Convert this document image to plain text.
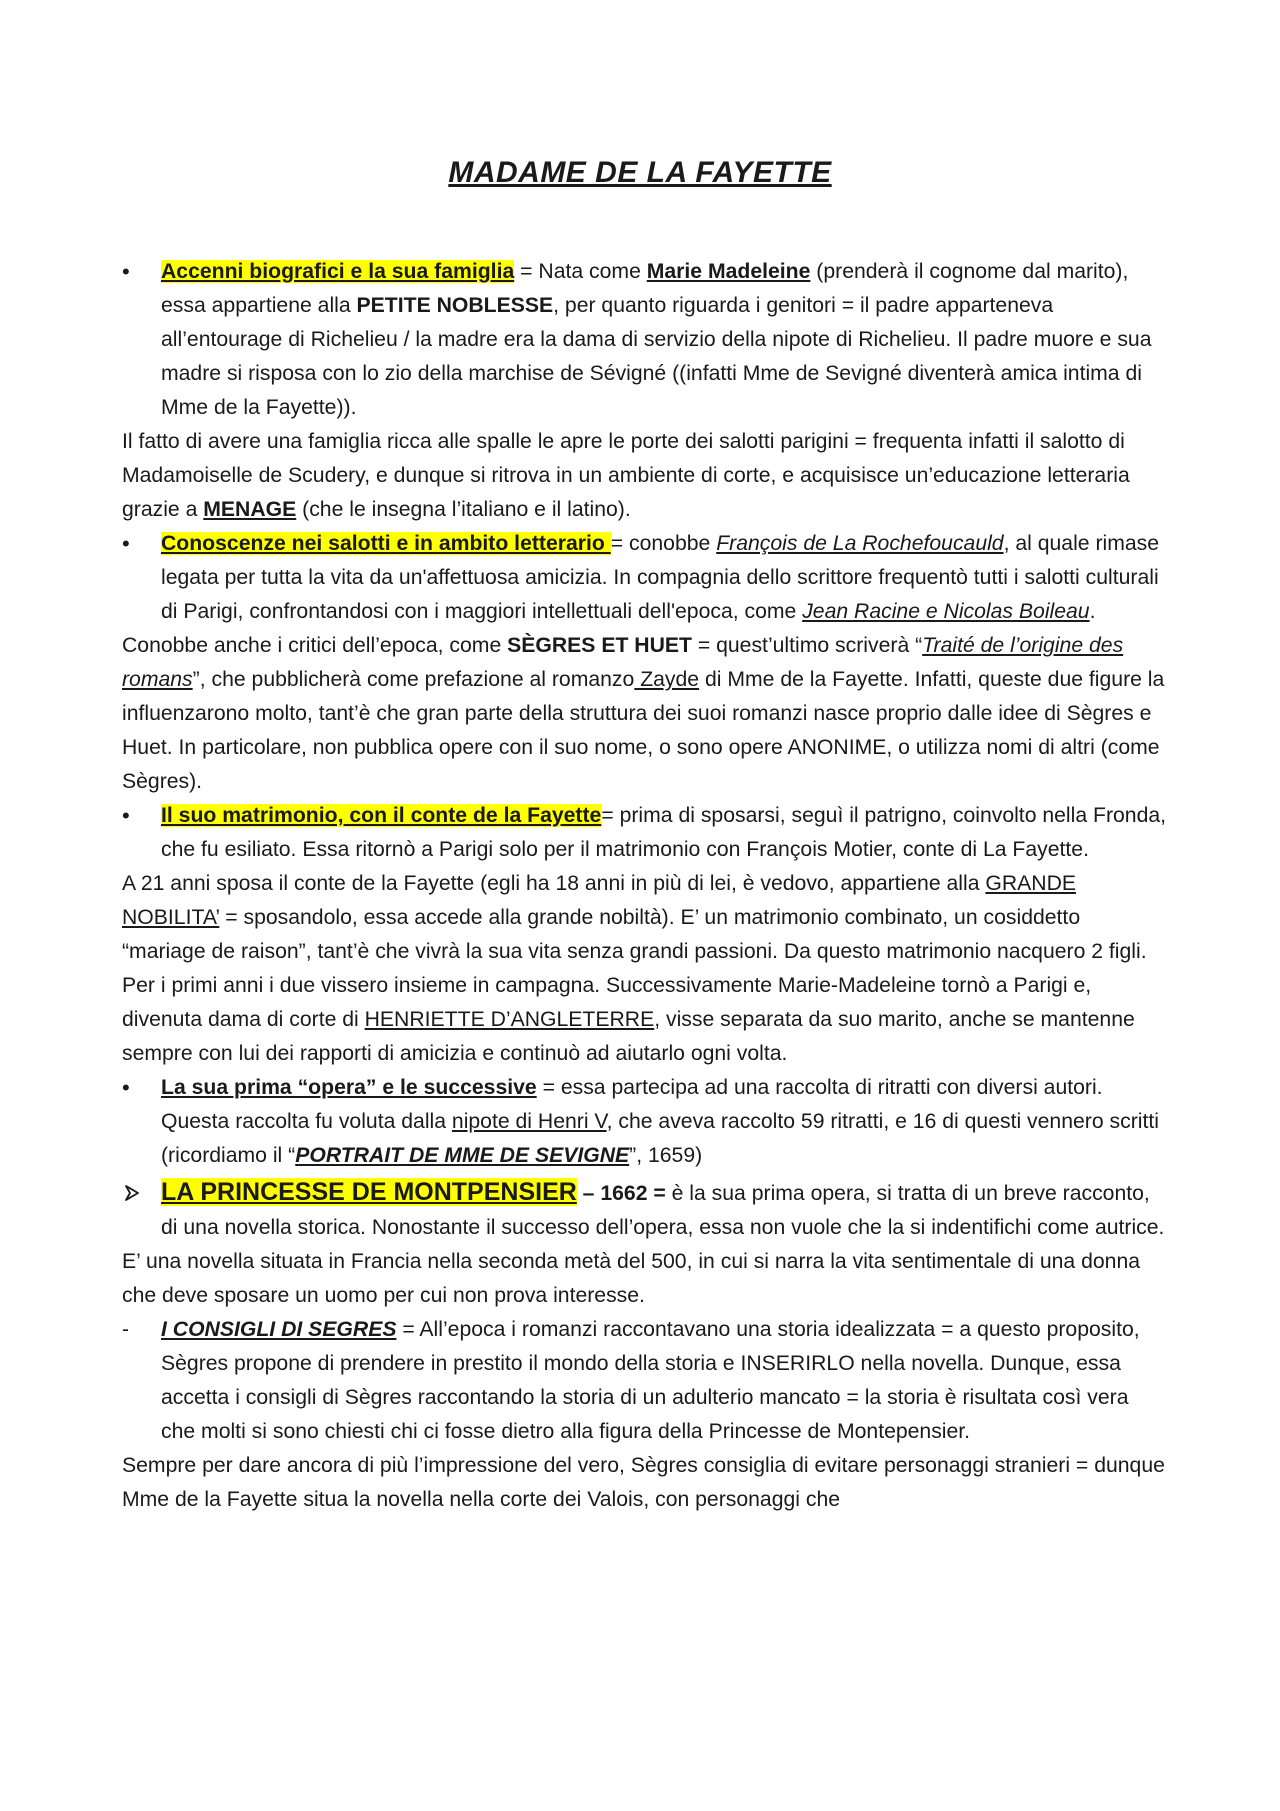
MADAME DE LA FAYETTE
•	Accenni biografici e la sua famiglia = Nata come Marie Madeleine (prenderà il cognome dal marito), essa appartiene alla PETITE NOBLESSE, per quanto riguarda i genitori = il padre apparteneva all’entourage di Richelieu / la madre era la dama di servizio della nipote di Richelieu. Il padre muore e sua madre si risposa con lo zio della marchise de Sévigné ((infatti Mme de Sevigné diventerà amica intima di Mme de la Fayette)).
Il fatto di avere una famiglia ricca alle spalle le apre le porte dei salotti parigini = frequenta infatti il salotto di Madamoiselle de Scudery, e dunque si ritrova in un ambiente di corte, e acquisisce un’educazione letteraria grazie a MENAGE (che le insegna l’italiano e il latino).
•	Conoscenze nei salotti e in ambito letterario = conobbe François de La Rochefoucauld, al quale rimase legata per tutta la vita da un'affettuosa amicizia. In compagnia dello scrittore frequentò tutti i salotti culturali di Parigi, confrontandosi con i maggiori intellettuali dell'epoca, come Jean Racine e Nicolas Boileau.
Conobbe anche i critici dell’epoca, come SÈGRES ET HUET = quest’ultimo scriverà “Traité de l’origine des romans”, che pubblicherà come prefazione al romanzo Zayde di Mme de la Fayette. Infatti, queste due figure la influenzarono molto, tant’è che gran parte della struttura dei suoi romanzi nasce proprio dalle idee di Sègres e Huet. In particolare, non pubblica opere con il suo nome, o sono opere ANONIME, o utilizza nomi di altri (come Sègres).
•	Il suo matrimonio, con il conte de la Fayette= prima di sposarsi, seguì il patrigno, coinvolto nella Fronda, che fu esiliato. Essa ritornò a Parigi solo per il matrimonio con François Motier, conte di La Fayette.
A 21 anni sposa il conte de la Fayette (egli ha 18 anni in più di lei, è vedovo, appartiene alla GRANDE NOBILITA’ = sposandolo, essa accede alla grande nobiltà). E’ un matrimonio combinato, un cosiddetto “mariage de raison”, tant’è che vivrà la sua vita senza grandi passioni. Da questo matrimonio nacquero 2 figli.
Per i primi anni i due vissero insieme in campagna. Successivamente Marie-Madeleine tornò a Parigi e, divenuta dama di corte di HENRIETTE D’ANGLETERRE, visse separata da suo marito, anche se mantenne sempre con lui dei rapporti di amicizia e continuò ad aiutarlo ogni volta.
•	La sua prima “opera” e le successive = essa partecipa ad una raccolta di ritratti con diversi autori. Questa raccolta fu voluta dalla nipote di Henri V, che aveva raccolto 59 ritratti, e 16 di questi vennero scritti (ricordiamo il “PORTRAIT DE MME DE SEVIGNE”, 1659)
LA PRINCESSE DE MONTPENSIER – 1662 = è la sua prima opera, si tratta di un breve racconto, di una novella storica. Nonostante il successo dell’opera, essa non vuole che la si indentifichi come autrice.
E’ una novella situata in Francia nella seconda metà del 500, in cui si narra la vita sentimentale di una donna che deve sposare un uomo per cui non prova interesse.
-	I CONSIGLI DI SEGRES = All’epoca i romanzi raccontavano una storia idealizzata = a questo proposito, Sègres propone di prendere in prestito il mondo della storia e INSERIRLO nella novella. Dunque, essa accetta i consigli di Sègres raccontando la storia di un adulterio mancato = la storia è risultata così vera che molti si sono chiesti chi ci fosse dietro alla figura della Princesse de Montepensier.
Sempre per dare ancora di più l’impressione del vero, Sègres consiglia di evitare personaggi stranieri = dunque Mme de la Fayette situa la novella nella corte dei Valois, con personaggi che
